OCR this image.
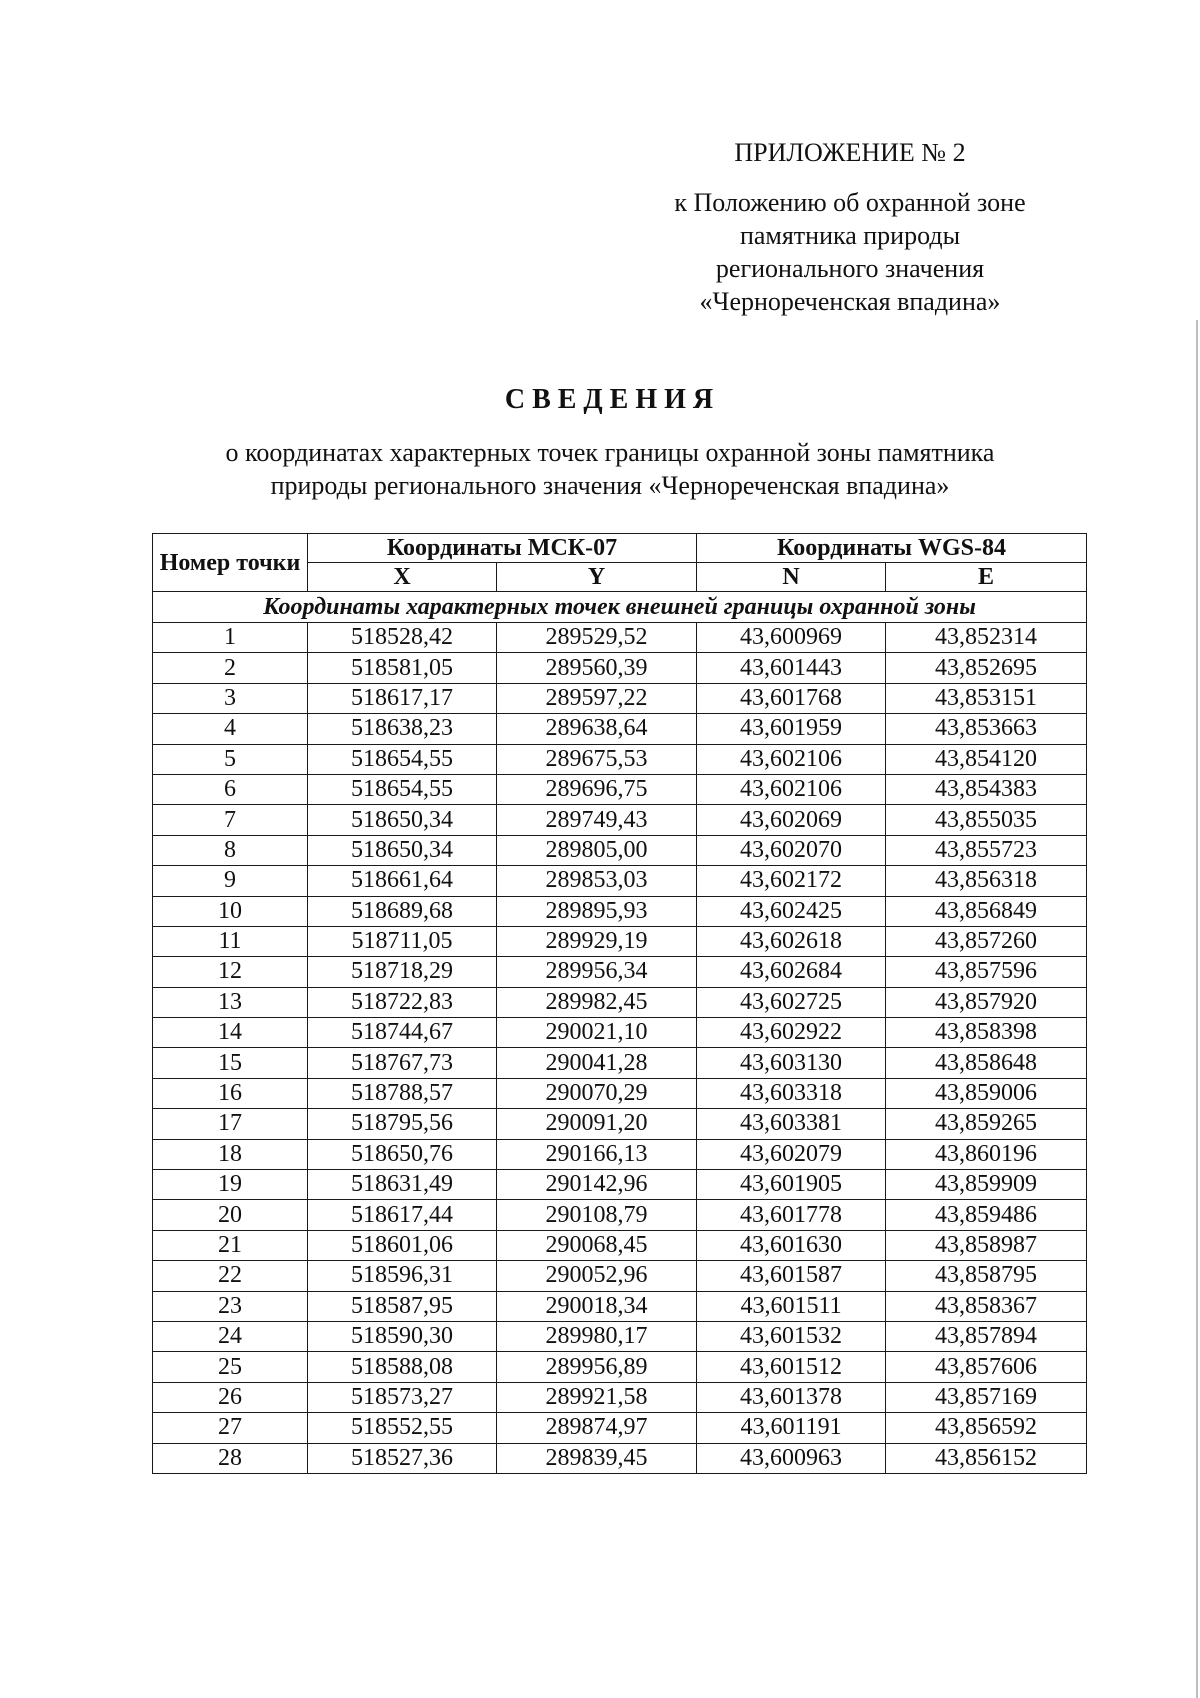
ПРИЛОЖЕНИЕ № 2
к Положению об охранной зоне
памятника природы
регионального значения
«Чернореченская впадина»
СВЕДЕНИЯ
о координатах характерных точек границы охранной зоны памятника
природы регионального значения «Чернореченская впадина»
Номер точки	Координаты МСК-07		Координаты WGS-84	
	X	Y	N	E
Координаты характерных точек внешней границы охранной зоны				
1	518528,42	289529,52	43,600969	43,852314
2	518581,05	289560,39	43,601443	43,852695
3	518617,17	289597,22	43,601768	43,853151
4	518638,23	289638,64	43,601959	43,853663
5	518654,55	289675,53	43,602106	43,854120
6	518654,55	289696,75	43,602106	43,854383
7	518650,34	289749,43	43,602069	43,855035
8	518650,34	289805,00	43,602070	43,855723
9	518661,64	289853,03	43,602172	43,856318
10	518689,68	289895,93	43,602425	43,856849
11	518711,05	289929,19	43,602618	43,857260
12	518718,29	289956,34	43,602684	43,857596
13	518722,83	289982,45	43,602725	43,857920
14	518744,67	290021,10	43,602922	43,858398
15	518767,73	290041,28	43,603130	43,858648
16	518788,57	290070,29	43,603318	43,859006
17	518795,56	290091,20	43,603381	43,859265
18	518650,76	290166,13	43,602079	43,860196
19	518631,49	290142,96	43,601905	43,859909
20	518617,44	290108,79	43,601778	43,859486
21	518601,06	290068,45	43,601630	43,858987
22	518596,31	290052,96	43,601587	43,858795
23	518587,95	290018,34	43,601511	43,858367
24	518590,30	289980,17	43,601532	43,857894
25	518588,08	289956,89	43,601512	43,857606
26	518573,27	289921,58	43,601378	43,857169
27	518552,55	289874,97	43,601191	43,856592
28	518527,36	289839,45	43,600963	43,856152
